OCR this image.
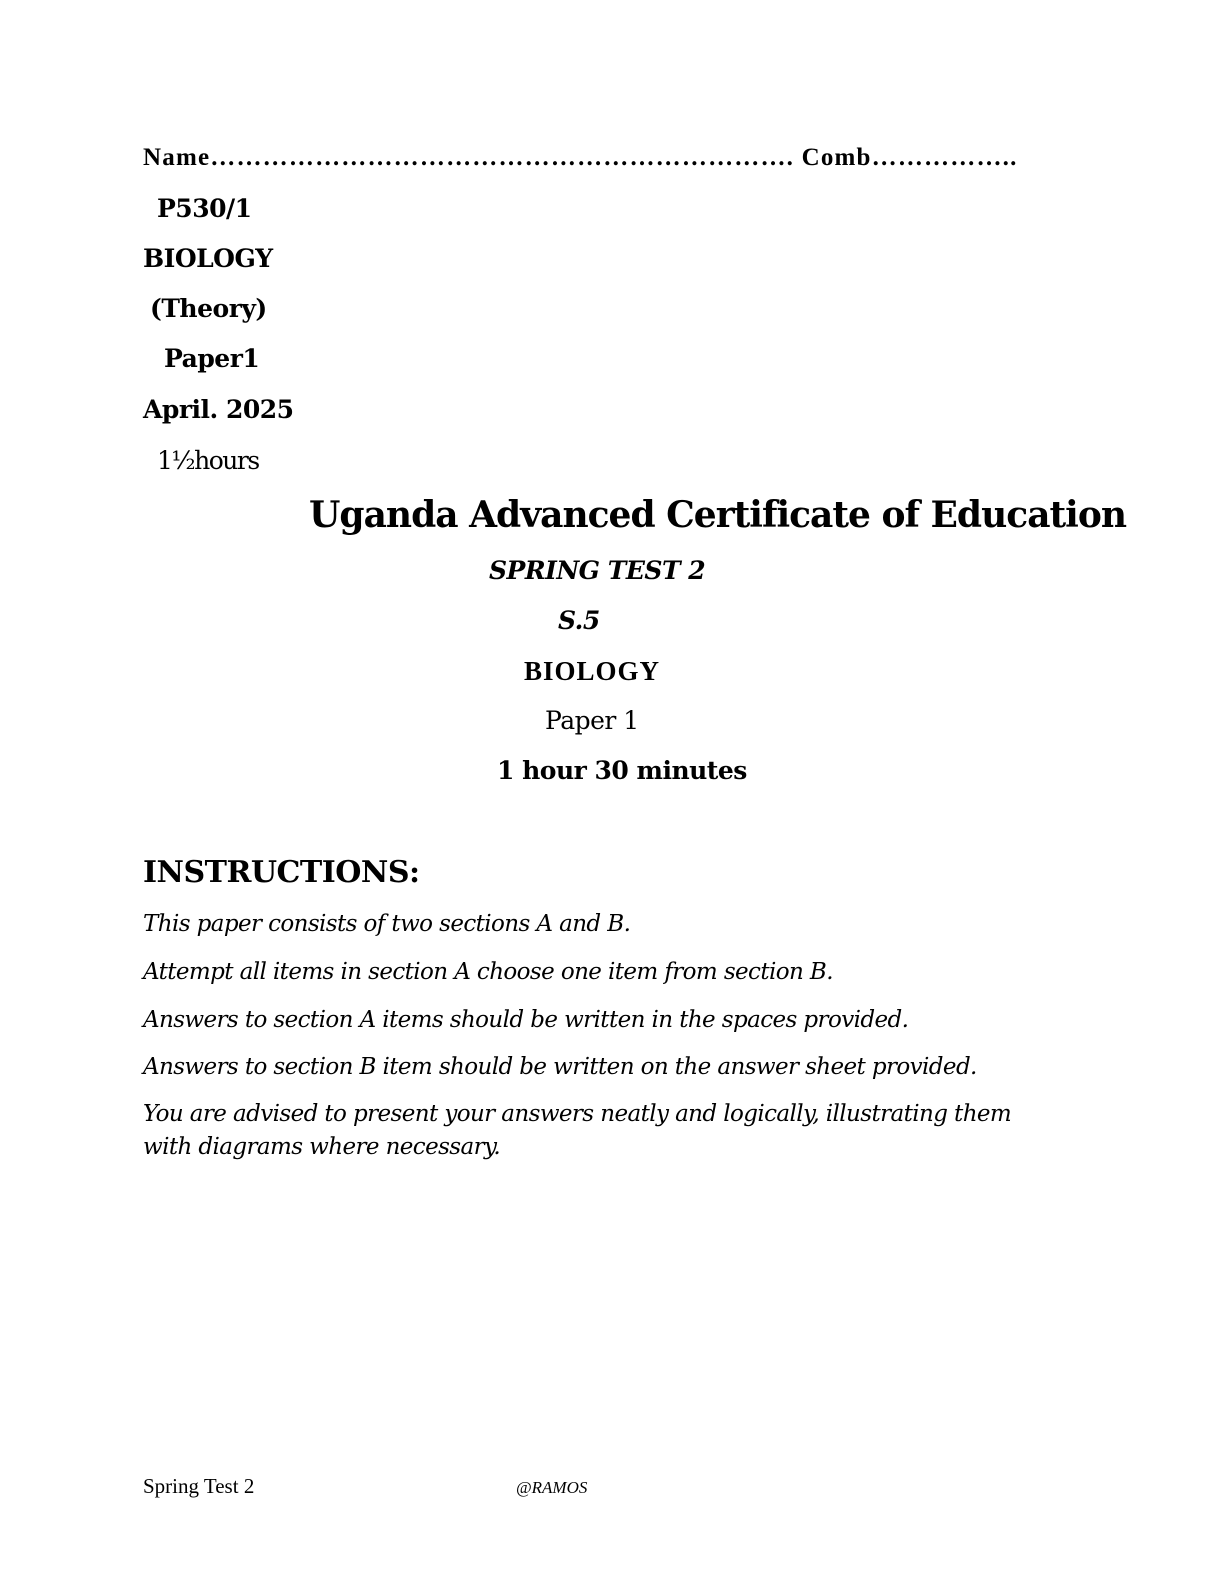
Name…………………………………………………………. Comb……………..
P530/1
BIOLOGY
(Theory)
Paper1
April. 2025
1½hours
Uganda Advanced Certificate of Education
SPRING TEST 2
S.5
BIOLOGY
Paper 1
1 hour 30 minutes
INSTRUCTIONS:
This paper consists of two sections A and B.
Attempt all items in section A choose one item from section B.
Answers to section A items should be written in the spaces provided.
Answers to section B item should be written on the answer sheet provided.
You are advised to present your answers neatly and logically, illustrating them with diagrams where necessary.
Spring Test 2	@RAMOS
